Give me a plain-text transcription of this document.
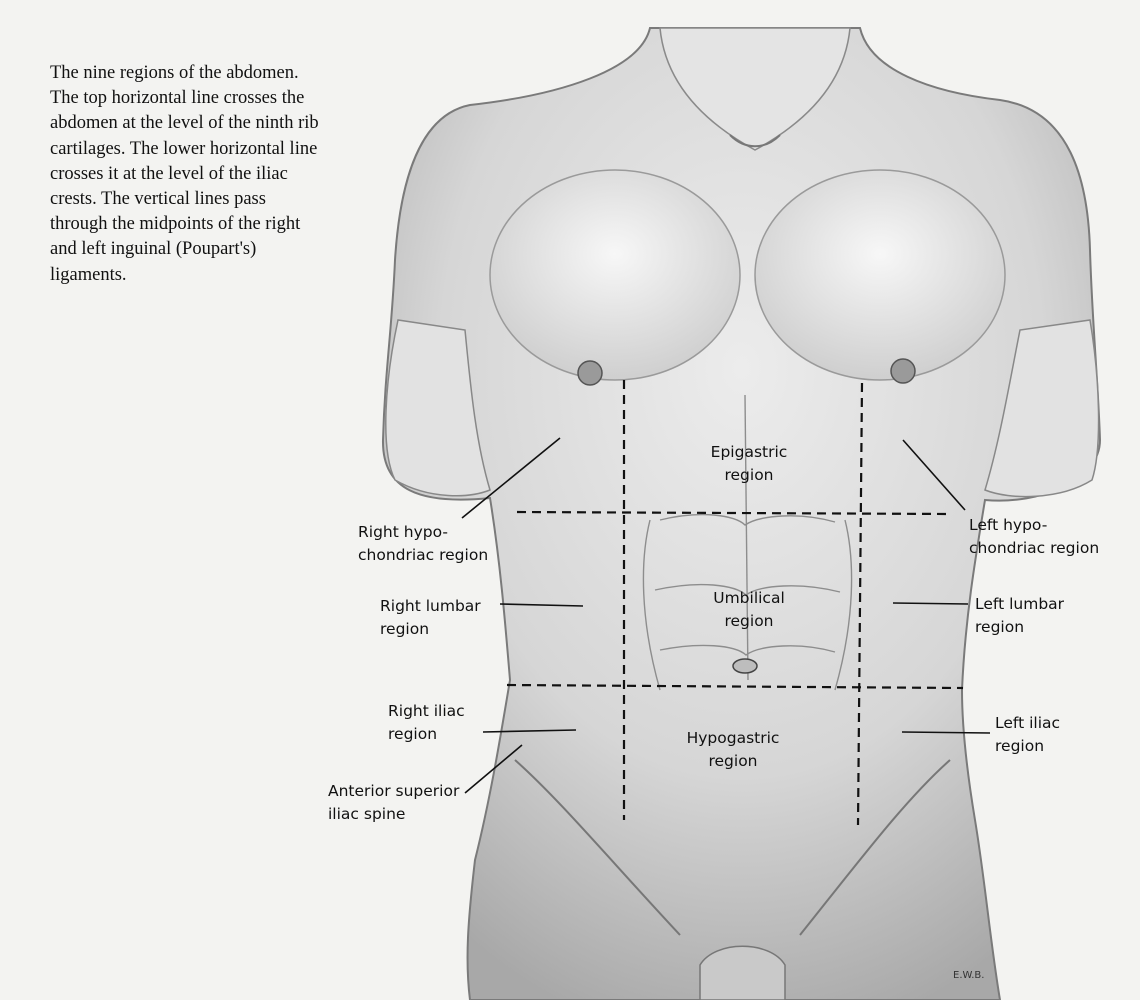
The nine regions of the abdomen.
The top horizontal line crosses the
abdomen at the level of the ninth rib
cartilages. The lower horizontal line
crosses it at the level of the iliac
crests. The vertical lines pass
through the midpoints of the right
and left inguinal (Poupart's)
ligaments.

Epigastric
region
Umbilical
region
Hypogastric
region
Right hypo-
chondriac region
Left hypo-
chondriac region
Right lumbar
region
Left lumbar
region
Right iliac
region
Left iliac
region
Anterior superior
iliac spine
E.W.B.
